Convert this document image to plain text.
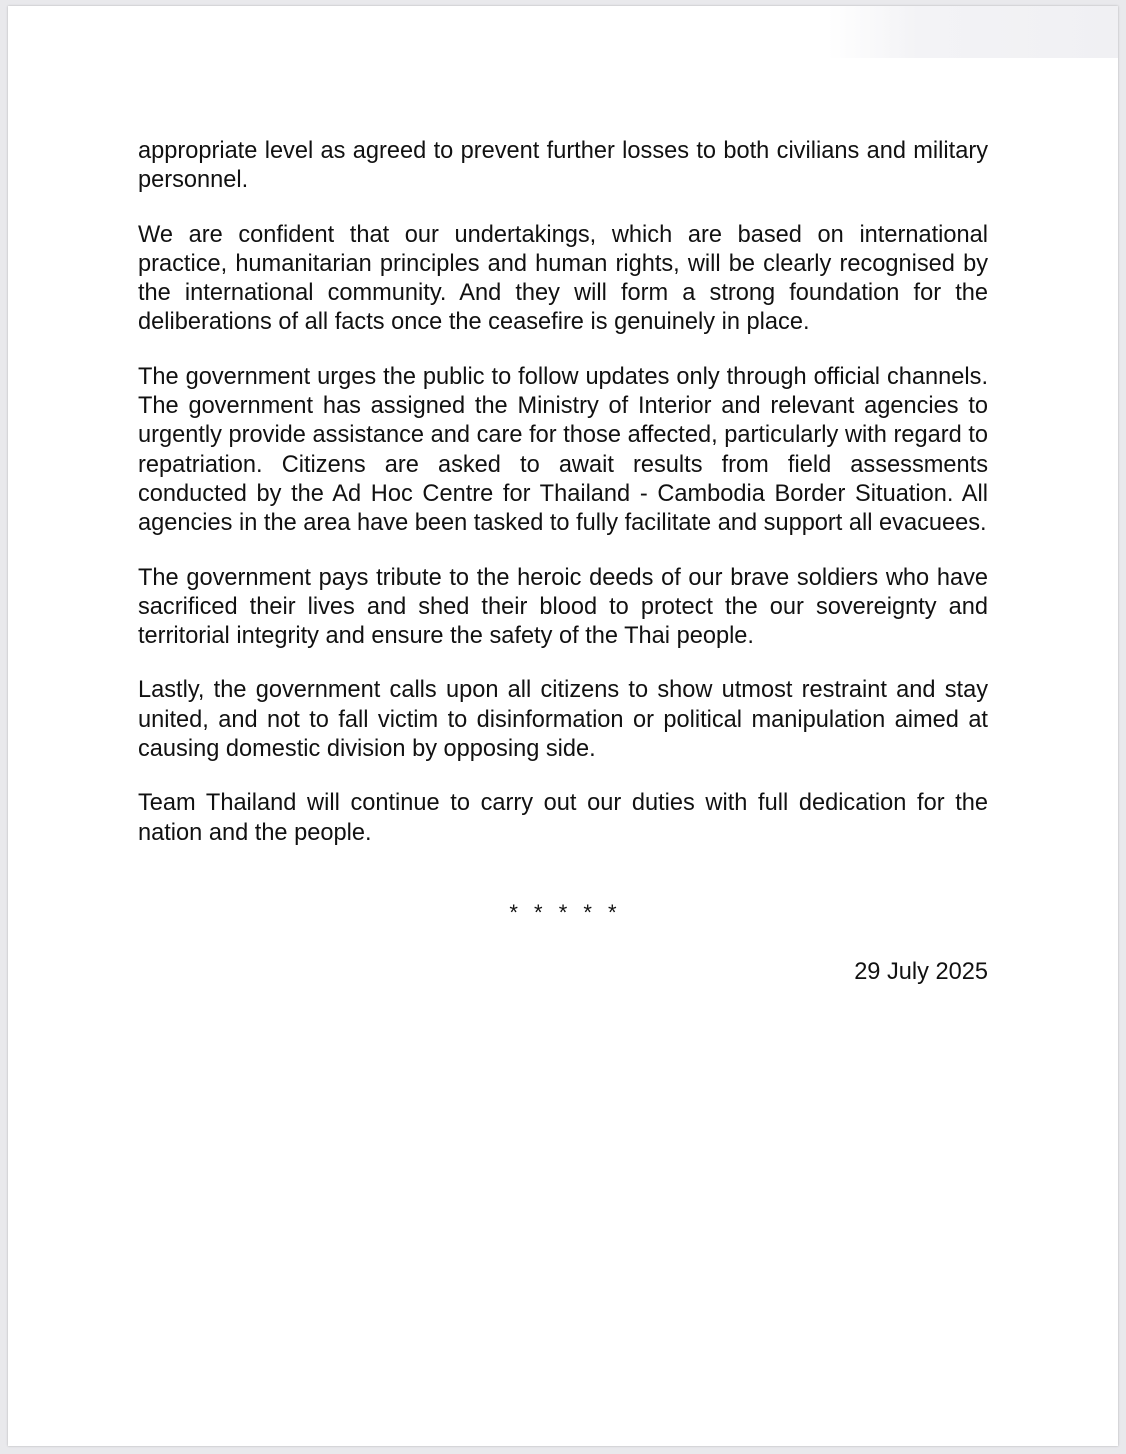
appropriate level as agreed to prevent further losses to both civilians and military personnel.

We are confident that our undertakings, which are based on international practice, humanitarian principles and human rights, will be clearly recognised by the international community. And they will form a strong foundation for the deliberations of all facts once the ceasefire is genuinely in place.

The government urges the public to follow updates only through official channels. The government has assigned the Ministry of Interior and relevant agencies to urgently provide assistance and care for those affected, particularly with regard to repatriation. Citizens are asked to await results from field assessments conducted by the Ad Hoc Centre for Thailand - Cambodia Border Situation. All agencies in the area have been tasked to fully facilitate and support all evacuees.

The government pays tribute to the heroic deeds of our brave soldiers who have sacrificed their lives and shed their blood to protect the our sovereignty and territorial integrity and ensure the safety of the Thai people.

Lastly, the government calls upon all citizens to show utmost restraint and stay united, and not to fall victim to disinformation or political manipulation aimed at causing domestic division by opposing side.

Team Thailand will continue to carry out our duties with full dedication for the nation and the people.

* * * * *
29 July 2025
